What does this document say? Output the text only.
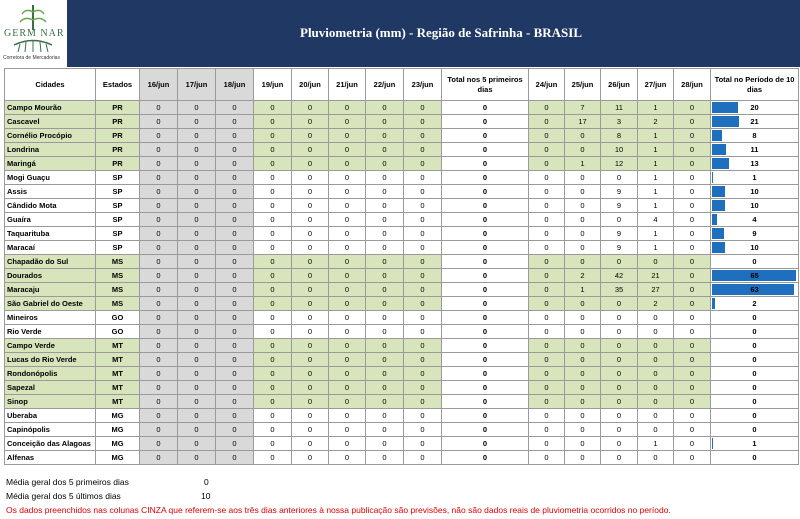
GERM NAR
Corretora de Mercadorias
Pluviometria (mm) - Região de Safrinha - BRASIL
Cidades	Estados	16/jun	17/jun	18/jun	19/jun	20/jun	21/jun	22/jun	23/jun	Total nos 5 primeiros dias	24/jun	25/jun	26/jun	27/jun	28/jun	Total no Período de 10 dias
Campo Mourão	PR	0	0	0	0	0	0	0	0	0	0	7	11	1	0	20
Cascavel	PR	0	0	0	0	0	0	0	0	0	0	17	3	2	0	21
Cornélio Procópio	PR	0	0	0	0	0	0	0	0	0	0	0	8	1	0	8
Londrina	PR	0	0	0	0	0	0	0	0	0	0	0	10	1	0	11
Maringá	PR	0	0	0	0	0	0	0	0	0	0	1	12	1	0	13
Mogi Guaçu	SP	0	0	0	0	0	0	0	0	0	0	0	0	1	0	1
Assis	SP	0	0	0	0	0	0	0	0	0	0	0	9	1	0	10
Cândido Mota	SP	0	0	0	0	0	0	0	0	0	0	0	9	1	0	10
Guaíra	SP	0	0	0	0	0	0	0	0	0	0	0	0	4	0	4
Taquarituba	SP	0	0	0	0	0	0	0	0	0	0	0	9	1	0	9
Maracaí	SP	0	0	0	0	0	0	0	0	0	0	0	9	1	0	10
Chapadão do Sul	MS	0	0	0	0	0	0	0	0	0	0	0	0	0	0	0
Dourados	MS	0	0	0	0	0	0	0	0	0	0	2	42	21	0	65
Maracaju	MS	0	0	0	0	0	0	0	0	0	0	1	35	27	0	63
São Gabriel do Oeste	MS	0	0	0	0	0	0	0	0	0	0	0	0	2	0	2
Mineiros	GO	0	0	0	0	0	0	0	0	0	0	0	0	0	0	0
Rio Verde	GO	0	0	0	0	0	0	0	0	0	0	0	0	0	0	0
Campo Verde	MT	0	0	0	0	0	0	0	0	0	0	0	0	0	0	0
Lucas do Rio Verde	MT	0	0	0	0	0	0	0	0	0	0	0	0	0	0	0
Rondonópolis	MT	0	0	0	0	0	0	0	0	0	0	0	0	0	0	0
Sapezal	MT	0	0	0	0	0	0	0	0	0	0	0	0	0	0	0
Sinop	MT	0	0	0	0	0	0	0	0	0	0	0	0	0	0	0
Uberaba	MG	0	0	0	0	0	0	0	0	0	0	0	0	0	0	0
Capinópolis	MG	0	0	0	0	0	0	0	0	0	0	0	0	0	0	0
Conceição das Alagoas	MG	0	0	0	0	0	0	0	0	0	0	0	0	1	0	1
Alfenas	MG	0	0	0	0	0	0	0	0	0	0	0	0	0	0	0
Média geral dos 5 primeiros dias	0
Média geral dos 5 últimos dias	10
Os dados preenchidos nas colunas CINZA que referem-se aos três dias anteriores à nossa publicação são previsões, não são dados reais de pluviometria ocorridos no período.
